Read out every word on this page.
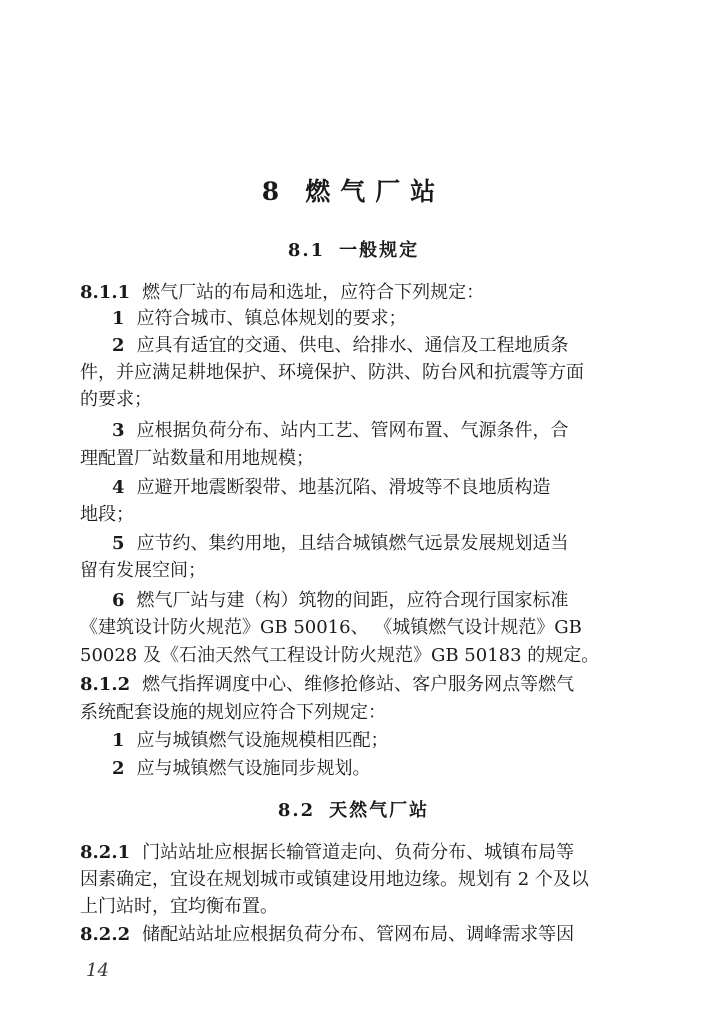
8 燃气厂站
8.1 一般规定
8.1.1 燃气厂站的布局和选址，应符合下列规定：
1 应符合城市、镇总体规划的要求；
2 应具有适宜的交通、供电、给排水、通信及工程地质条
件，并应满足耕地保护、环境保护、防洪、防台风和抗震等方面
的要求；
3 应根据负荷分布、站内工艺、管网布置、气源条件，合
理配置厂站数量和用地规模；
4 应避开地震断裂带、地基沉陷、滑坡等不良地质构造
地段；
5 应节约、集约用地，且结合城镇燃气远景发展规划适当
留有发展空间；
6 燃气厂站与建（构）筑物的间距，应符合现行国家标准
《建筑设计防火规范》GB 50016、 《城镇燃气设计规范》GB
50028 及《石油天然气工程设计防火规范》GB 50183 的规定。
8.1.2 燃气指挥调度中心、维修抢修站、客户服务网点等燃气
系统配套设施的规划应符合下列规定：
1 应与城镇燃气设施规模相匹配；
2 应与城镇燃气设施同步规划。
8.2 天然气厂站
8.2.1 门站站址应根据长输管道走向、负荷分布、城镇布局等
因素确定，宜设在规划城市或镇建设用地边缘。规划有 2 个及以
上门站时，宜均衡布置。
8.2.2 储配站站址应根据负荷分布、管网布局、调峰需求等因
14
